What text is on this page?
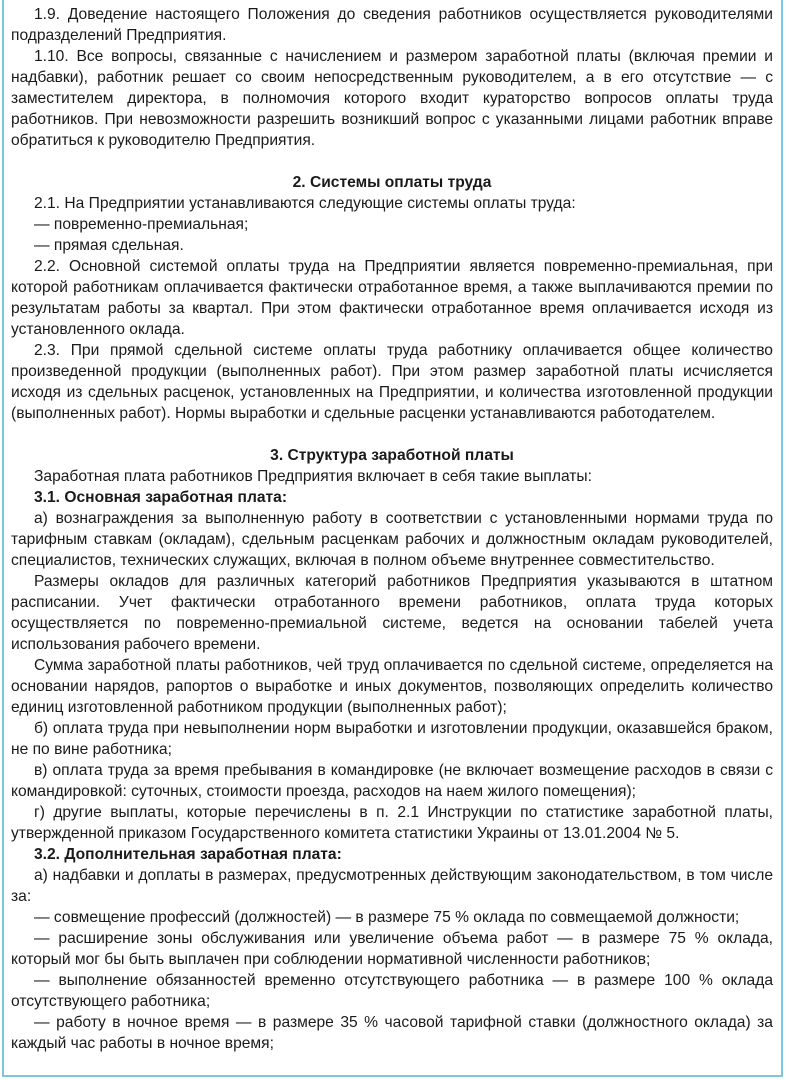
1.9. Доведение настоящего Положения до сведения работников осуществляется руководителями подразделений Предприятия.

1.10. Все вопросы, связанные с начислением и размером заработной платы (включая премии и надбавки), работник решает со своим непосредственным руководителем, а в его отсутствие — с заместителем директора, в полномочия которого входит кураторство вопросов оплаты труда работников. При невозможности разрешить возникший вопрос с указанными лицами работник вправе обратиться к руководителю Предприятия.

2. Системы оплаты труда

2.1. На Предприятии устанавливаются следующие системы оплаты труда:

— повременно-премиальная;

— прямая сдельная.

2.2. Основной системой оплаты труда на Предприятии является повременно-премиальная, при которой работникам оплачивается фактически отработанное время, а также выплачиваются премии по результатам работы за квартал. При этом фактически отработанное время оплачивается исходя из установленного оклада.

2.3. При прямой сдельной системе оплаты труда работнику оплачивается общее количество произведенной продукции (выполненных работ). При этом размер заработной платы исчисляется исходя из сдельных расценок, установленных на Предприятии, и количества изготовленной продукции (выполненных работ). Нормы выработки и сдельные расценки устанавливаются работодателем.

3. Структура заработной платы

Заработная плата работников Предприятия включает в себя такие выплаты:

3.1. Основная заработная плата:

а) вознаграждения за выполненную работу в соответствии с установленными нормами труда по тарифным ставкам (окладам), сдельным расценкам рабочих и должностным окладам руководителей, специалистов, технических служащих, включая в полном объеме внутреннее совместительство.

Размеры окладов для различных категорий работников Предприятия указываются в штатном расписании. Учет фактически отработанного времени работников, оплата труда которых осуществляется по повременно-премиальной системе, ведется на основании табелей учета использования рабочего времени.

Сумма заработной платы работников, чей труд оплачивается по сдельной системе, определяется на основании нарядов, рапортов о выработке и иных документов, позволяющих определить количество единиц изготовленной работником продукции (выполненных работ);

б) оплата труда при невыполнении норм выработки и изготовлении продукции, оказавшейся браком, не по вине работника;

в) оплата труда за время пребывания в командировке (не включает возмещение расходов в связи с командировкой: суточных, стоимости проезда, расходов на наем жилого помещения);

г) другие выплаты, которые перечислены в п. 2.1 Инструкции по статистике заработной платы, утвержденной приказом Государственного комитета статистики Украины от 13.01.2004 № 5.

3.2. Дополнительная заработная плата:

а) надбавки и доплаты в размерах, предусмотренных действующим законодательством, в том числе за:

— совмещение профессий (должностей) — в размере 75 % оклада по совмещаемой должности;

— расширение зоны обслуживания или увеличение объема работ — в размере 75 % оклада, который мог бы быть выплачен при соблюдении нормативной численности работников;

— выполнение обязанностей временно отсутствующего работника — в размере 100 % оклада отсутствующего работника;

— работу в ночное время — в размере 35 % часовой тарифной ставки (должностного оклада) за каждый час работы в ночное время;
